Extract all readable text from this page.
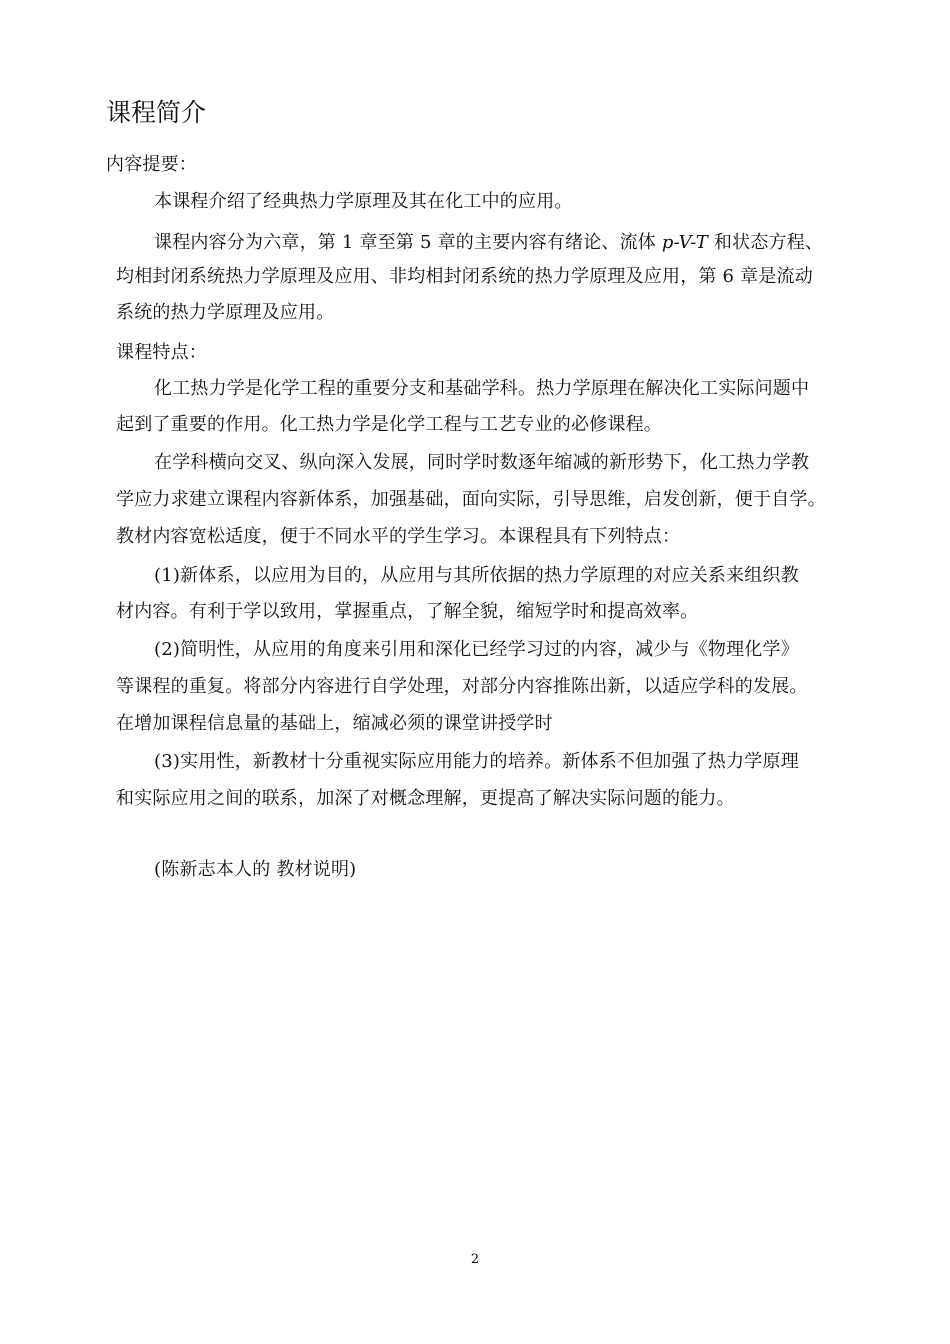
课程简介
内容提要：
本课程介绍了经典热力学原理及其在化工中的应用。
课程内容分为六章，第 1 章至第 5 章的主要内容有绪论、流体 p-V-T 和状态方程、
均相封闭系统热力学原理及应用、非均相封闭系统的热力学原理及应用，第 6 章是流动
系统的热力学原理及应用。
课程特点：
化工热力学是化学工程的重要分支和基础学科。热力学原理在解决化工实际问题中
起到了重要的作用。化工热力学是化学工程与工艺专业的必修课程。
在学科横向交叉、纵向深入发展，同时学时数逐年缩减的新形势下，化工热力学教
学应力求建立课程内容新体系，加强基础，面向实际，引导思维，启发创新，便于自学。
教材内容宽松适度，便于不同水平的学生学习。本课程具有下列特点：
(1)新体系，以应用为目的，从应用与其所依据的热力学原理的对应关系来组织教
材内容。有利于学以致用，掌握重点，了解全貌，缩短学时和提高效率。
(2)简明性，从应用的角度来引用和深化已经学习过的内容，减少与《物理化学》
等课程的重复。将部分内容进行自学处理，对部分内容推陈出新，以适应学科的发展。
在增加课程信息量的基础上，缩减必须的课堂讲授学时
(3)实用性，新教材十分重视实际应用能力的培养。新体系不但加强了热力学原理
和实际应用之间的联系，加深了对概念理解，更提高了解决实际问题的能力。
(陈新志本人的 教材说明)
2
